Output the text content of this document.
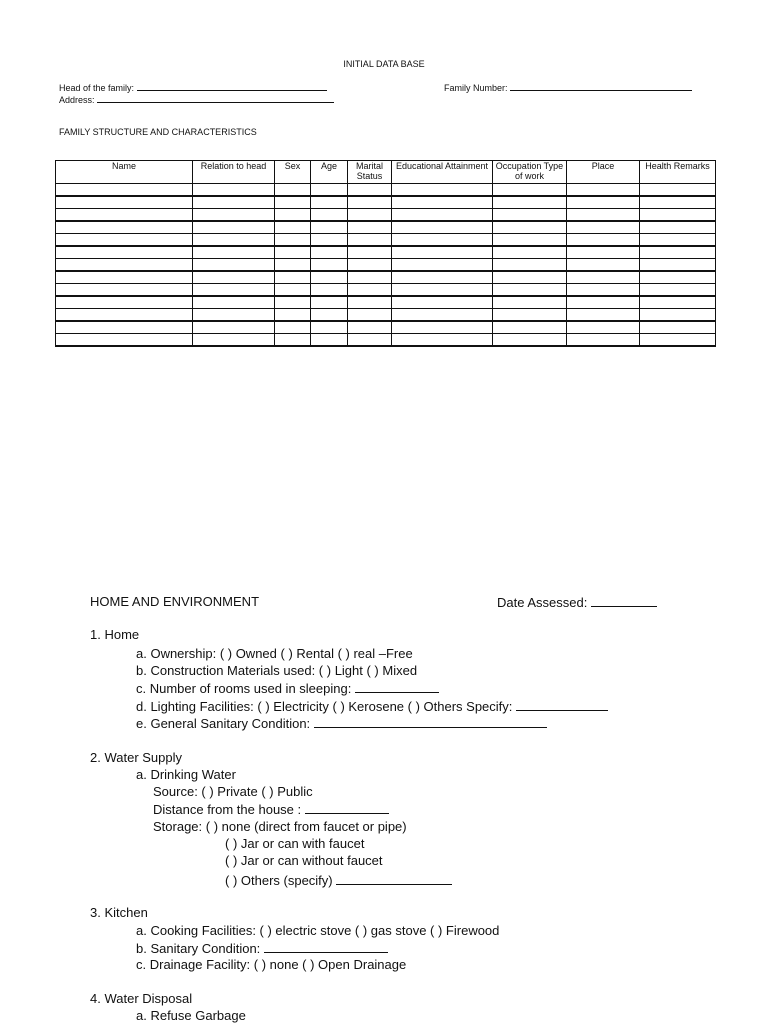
INITIAL DATA BASE
Head of the family:
Address:
Family Number:
FAMILY STRUCTURE AND CHARACTERISTICS
Name	Relation to head	Sex	Age	Marital Status	Educational Attainment	Occupation Type of work	Place	Health Remarks

HOME AND ENVIRONMENT	Date Assessed:
1. Home
a. Ownership: ( ) Owned ( ) Rental ( ) real –Free
b. Construction Materials used: ( ) Light ( ) Mixed
c. Number of rooms used in sleeping:
d. Lighting Facilities: ( ) Electricity ( ) Kerosene ( ) Others Specify:
e. General Sanitary Condition:
2. Water Supply
a. Drinking Water
Source: ( ) Private ( ) Public
Distance from the house :
Storage: ( ) none (direct from faucet or pipe)
( ) Jar or can with faucet
( ) Jar or can without faucet
( ) Others (specify)
3. Kitchen
a. Cooking Facilities: ( ) electric stove ( ) gas stove ( ) Firewood
b. Sanitary Condition:
c. Drainage Facility: ( ) none ( ) Open Drainage
4. Water Disposal
a. Refuse Garbage
